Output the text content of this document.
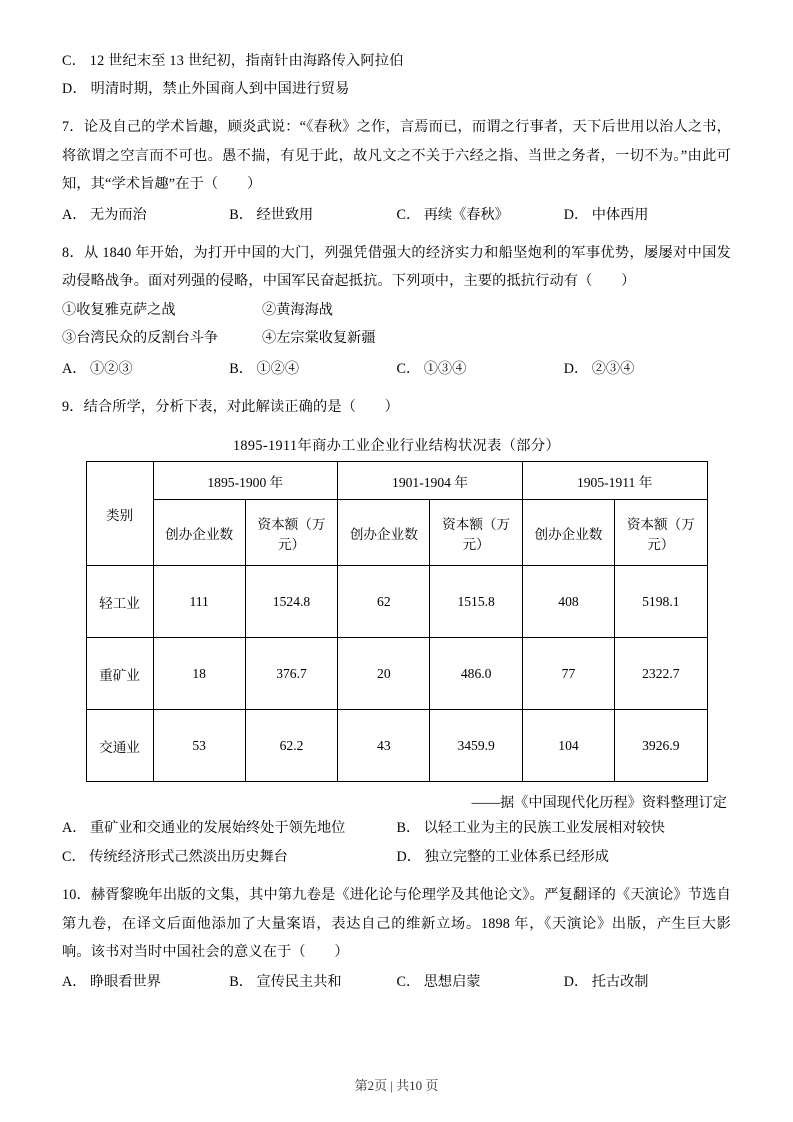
C． 12 世纪末至 13 世纪初，指南针由海路传入阿拉伯
D． 明清时期，禁止外国商人到中国进行贸易
7．论及自己的学术旨趣，顾炎武说：“《春秋》之作，言焉而已，而谓之行事者，天下后世用以治人之书，将欲谓之空言而不可也。愚不揣，有见于此，故凡文之不关于六经之指、当世之务者，一切不为。”由此可知，其“学术旨趣”在于（　　）
A． 无为而治	B． 经世致用	C． 再续《春秋》	D． 中体西用
8．从 1840 年开始，为打开中国的大门，列强凭借强大的经济实力和船坚炮利的军事优势，屡屡对中国发动侵略战争。面对列强的侵略，中国军民奋起抵抗。下列项中，主要的抵抗行动有（　　）
①收复雅克萨之战	②黄海海战
③台湾民众的反割台斗争	④左宗棠收复新疆
A． ①②③	B． ①②④	C． ①③④	D． ②③④
9．结合所学，分析下表，对此解读正确的是（　　）
1895-1911年商办工业企业行业结构状况表（部分）
类别	1895-1900 年		1901-1904 年		1905-1911 年	
	创办企业数	资本额（万元）	创办企业数	资本额（万元）	创办企业数	资本额（万元）
轻工业	111	1524.8	62	1515.8	408	5198.1
重矿业	18	376.7	20	486.0	77	2322.7
交通业	53	62.2	43	3459.9	104	3926.9
——据《中国现代化历程》资料整理订定
A． 重矿业和交通业的发展始终处于领先地位	B． 以轻工业为主的民族工业发展相对较快
C． 传统经济形式己然淡出历史舞台	D． 独立完整的工业体系已经形成
10．赫胥黎晚年出版的文集，其中第九卷是《进化论与伦理学及其他论文》。严复翻译的《天演论》节选自第九卷，在译文后面他添加了大量案语，表达自己的维新立场。1898 年，《天演论》出版，产生巨大影响。该书对当时中国社会的意义在于（　　）
A． 睁眼看世界	B． 宣传民主共和	C． 思想启蒙	D． 托古改制
第2页 | 共10 页
